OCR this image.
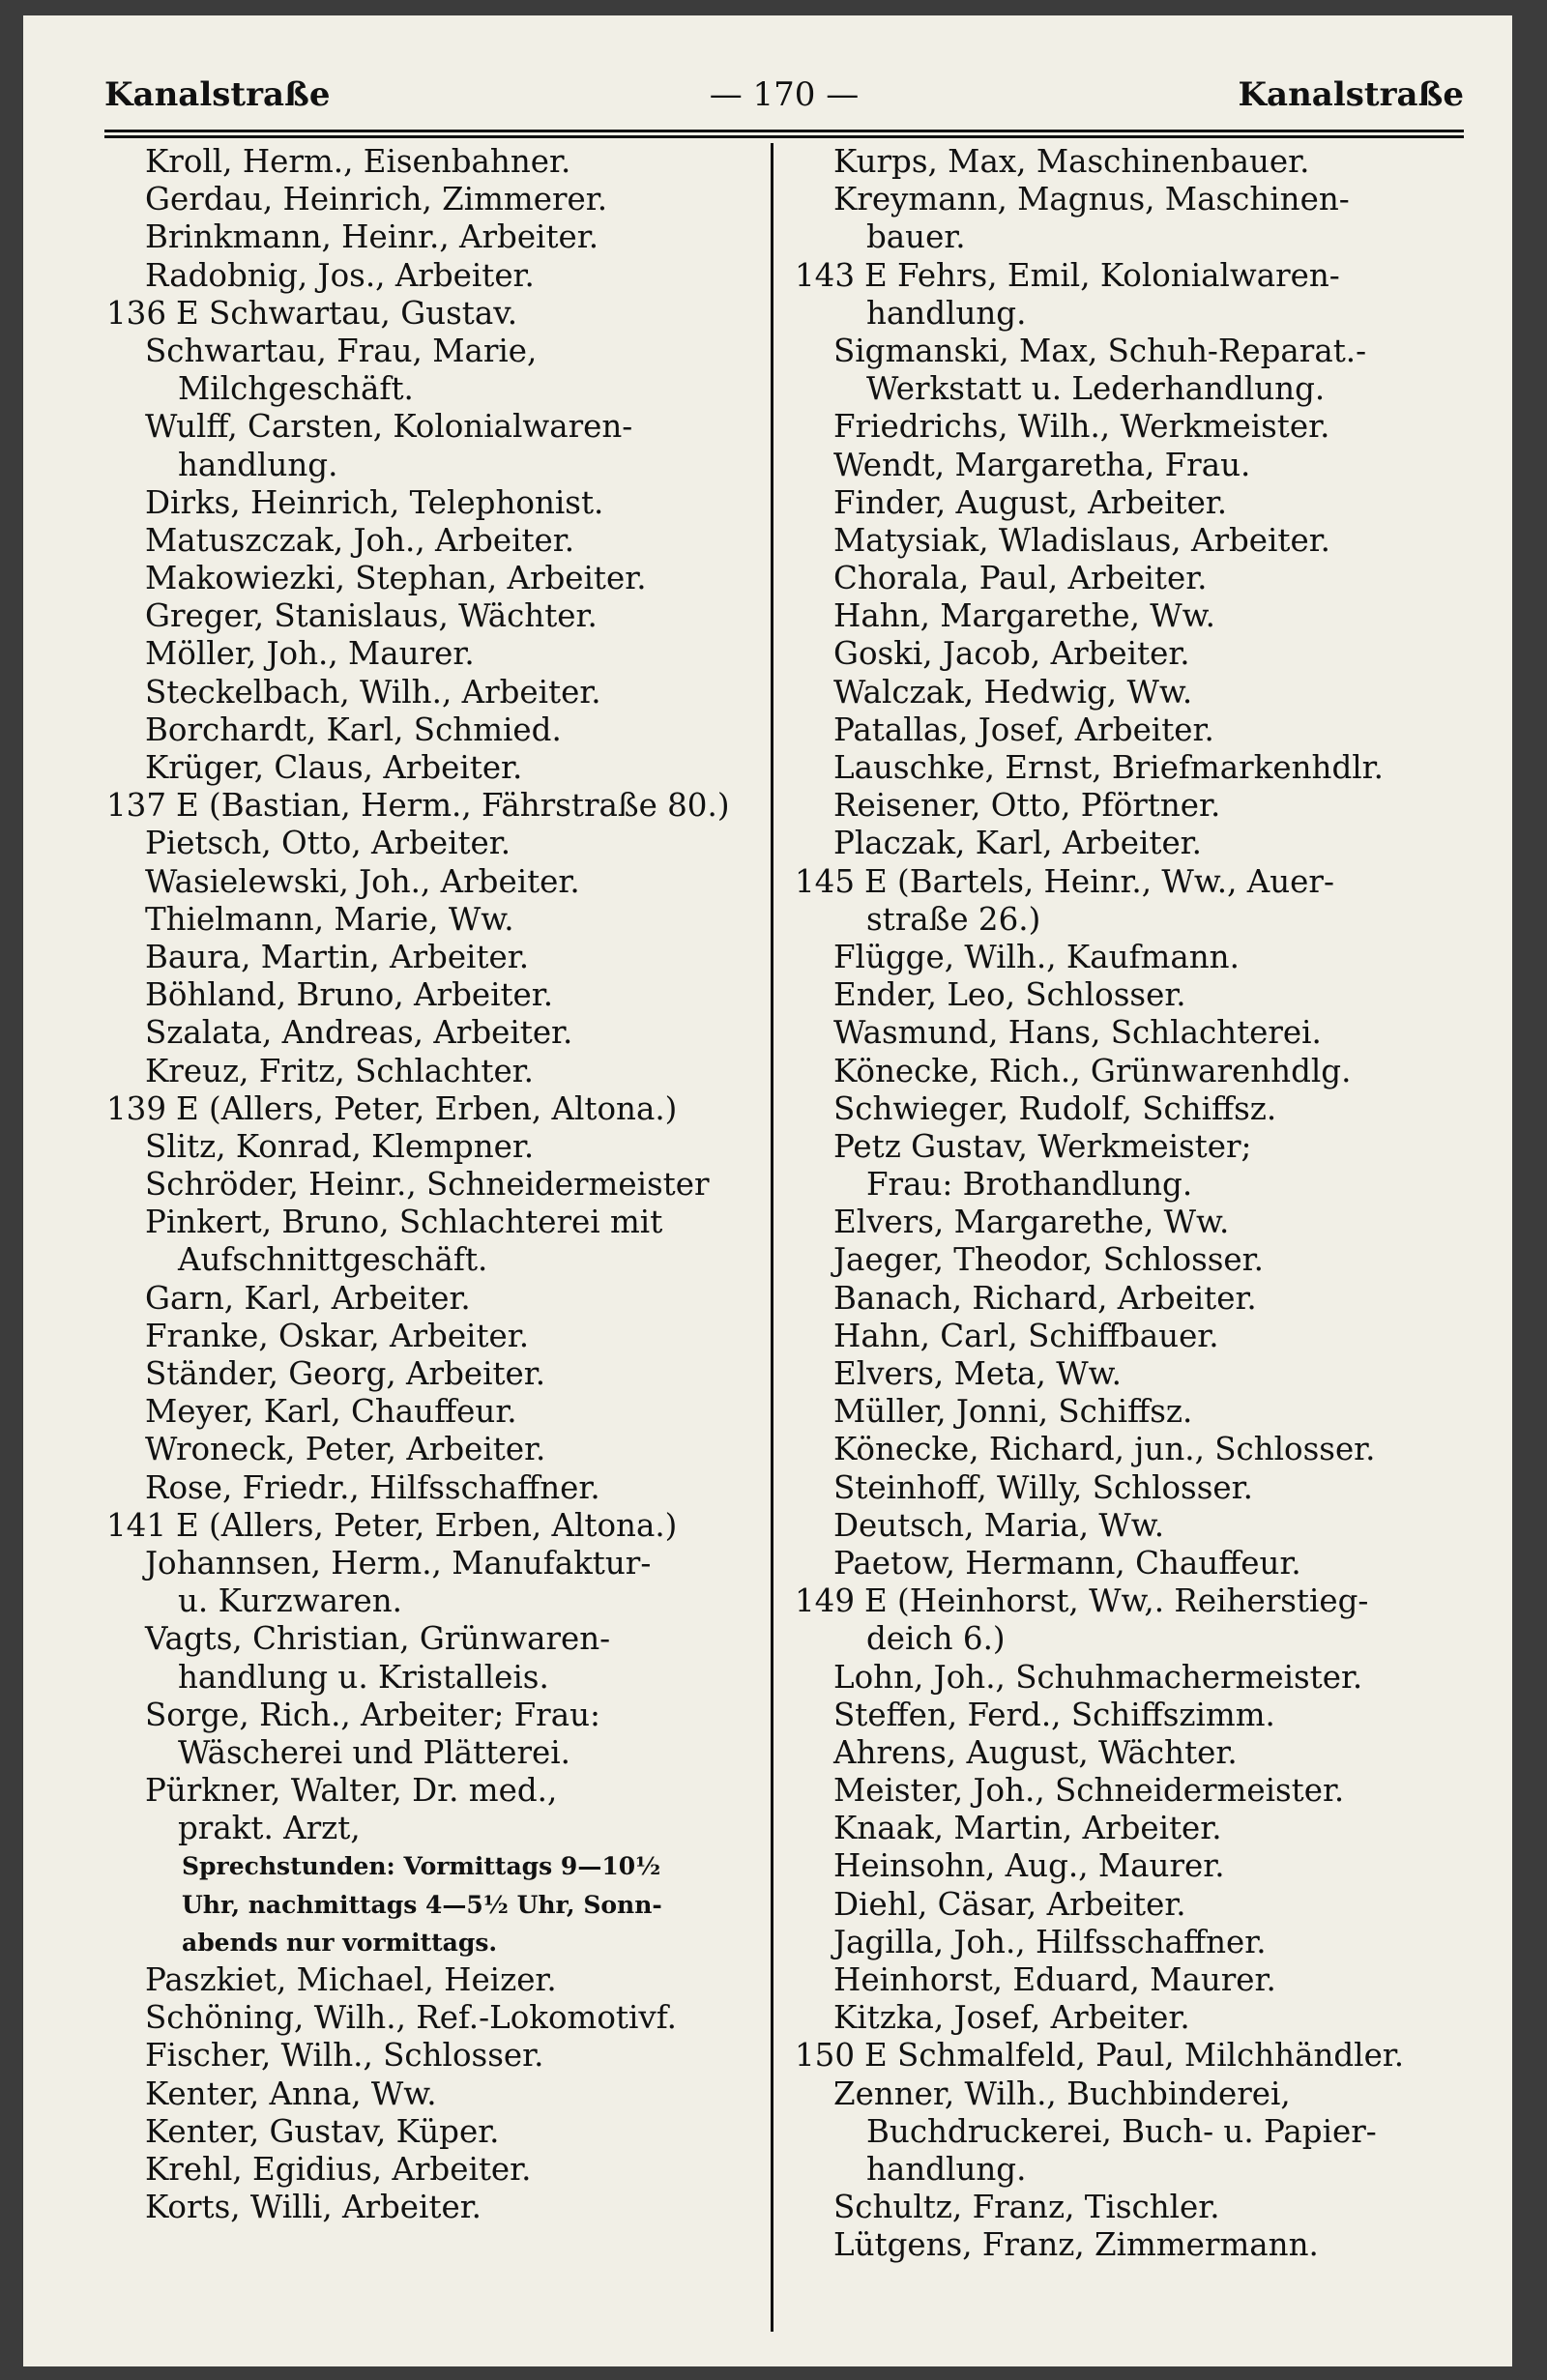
Kanalstraße	— 170 —	Kanalstraße
Kroll, Herm., Eisenbahner.
Gerdau, Heinrich, Zimmerer.
Brinkmann, Heinr., Arbeiter.
Radobnig, Jos., Arbeiter.
136 E Schwartau, Gustav.
Schwartau, Frau, Marie,
Milchgeschäft.
Wulff, Carsten, Kolonialwaren-
handlung.
Dirks, Heinrich, Telephonist.
Matuszczak, Joh., Arbeiter.
Makowiezki, Stephan, Arbeiter.
Greger, Stanislaus, Wächter.
Möller, Joh., Maurer.
Steckelbach, Wilh., Arbeiter.
Borchardt, Karl, Schmied.
Krüger, Claus, Arbeiter.
137 E (Bastian, Herm., Fährstraße 80.)
Pietsch, Otto, Arbeiter.
Wasielewski, Joh., Arbeiter.
Thielmann, Marie, Ww.
Baura, Martin, Arbeiter.
Böhland, Bruno, Arbeiter.
Szalata, Andreas, Arbeiter.
Kreuz, Fritz, Schlachter.
139 E (Allers, Peter, Erben, Altona.)
Slitz, Konrad, Klempner.
Schröder, Heinr., Schneidermeister
Pinkert, Bruno, Schlachterei mit
Aufschnittgeschäft.
Garn, Karl, Arbeiter.
Franke, Oskar, Arbeiter.
Ständer, Georg, Arbeiter.
Meyer, Karl, Chauffeur.
Wroneck, Peter, Arbeiter.
Rose, Friedr., Hilfsschaffner.
141 E (Allers, Peter, Erben, Altona.)
Johannsen, Herm., Manufaktur-
u. Kurzwaren.
Vagts, Christian, Grünwaren-
handlung u. Kristalleis.
Sorge, Rich., Arbeiter; Frau:
Wäscherei und Plätterei.
Pürkner, Walter, Dr. med.,
prakt. Arzt,
Sprechstunden: Vormittags 9—10½
Uhr, nachmittags 4—5½ Uhr, Sonn-
abends nur vormittags.
Paszkiet, Michael, Heizer.
Schöning, Wilh., Ref.-Lokomotivf.
Fischer, Wilh., Schlosser.
Kenter, Anna, Ww.
Kenter, Gustav, Küper.
Krehl, Egidius, Arbeiter.
Korts, Willi, Arbeiter.
Kurps, Max, Maschinenbauer.
Kreymann, Magnus, Maschinen-
bauer.
143 E Fehrs, Emil, Kolonialwaren-
handlung.
Sigmanski, Max, Schuh-Reparat.-
Werkstatt u. Lederhandlung.
Friedrichs, Wilh., Werkmeister.
Wendt, Margaretha, Frau.
Finder, August, Arbeiter.
Matysiak, Wladislaus, Arbeiter.
Chorala, Paul, Arbeiter.
Hahn, Margarethe, Ww.
Goski, Jacob, Arbeiter.
Walczak, Hedwig, Ww.
Patallas, Josef, Arbeiter.
Lauschke, Ernst, Briefmarkenhdlr.
Reisener, Otto, Pförtner.
Placzak, Karl, Arbeiter.
145 E (Bartels, Heinr., Ww., Auer-
straße 26.)
Flügge, Wilh., Kaufmann.
Ender, Leo, Schlosser.
Wasmund, Hans, Schlachterei.
Könecke, Rich., Grünwarenhdlg.
Schwieger, Rudolf, Schiffsz.
Petz Gustav, Werkmeister;
Frau: Brothandlung.
Elvers, Margarethe, Ww.
Jaeger, Theodor, Schlosser.
Banach, Richard, Arbeiter.
Hahn, Carl, Schiffbauer.
Elvers, Meta, Ww.
Müller, Jonni, Schiffsz.
Könecke, Richard, jun., Schlosser.
Steinhoff, Willy, Schlosser.
Deutsch, Maria, Ww.
Paetow, Hermann, Chauffeur.
149 E (Heinhorst, Ww,. Reiherstieg-
deich 6.)
Lohn, Joh., Schuhmachermeister.
Steffen, Ferd., Schiffszimm.
Ahrens, August, Wächter.
Meister, Joh., Schneidermeister.
Knaak, Martin, Arbeiter.
Heinsohn, Aug., Maurer.
Diehl, Cäsar, Arbeiter.
Jagilla, Joh., Hilfsschaffner.
Heinhorst, Eduard, Maurer.
Kitzka, Josef, Arbeiter.
150 E Schmalfeld, Paul, Milchhändler.
Zenner, Wilh., Buchbinderei,
Buchdruckerei, Buch- u. Papier-
handlung.
Schultz, Franz, Tischler.
Lütgens, Franz, Zimmermann.
